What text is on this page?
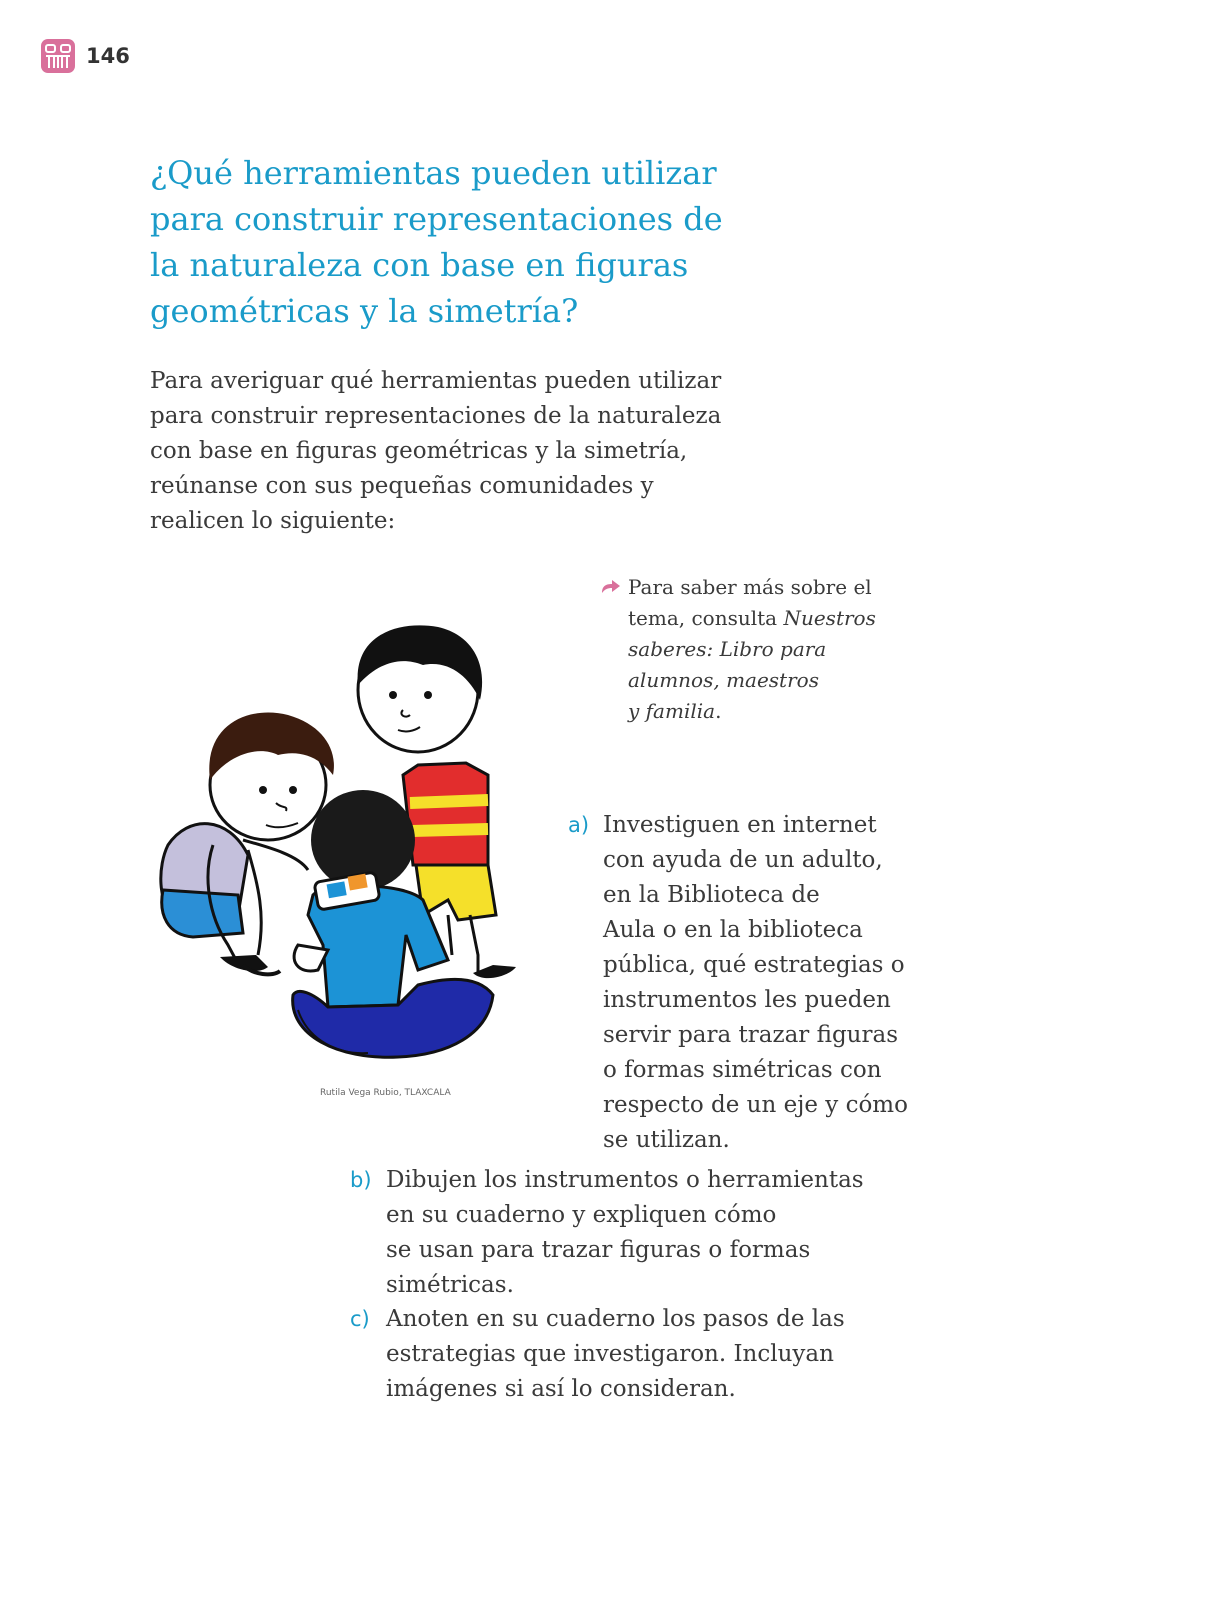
146
¿Qué herramientas pueden utilizar
para construir representaciones de
la naturaleza con base en figuras
geométricas y la simetría?

Para averiguar qué herramientas pueden utilizar
para construir representaciones de la naturaleza
con base en figuras geométricas y la simetría,
reúnanse con sus pequeñas comunidades y
realicen lo siguiente:

Para saber más sobre el
tema, consulta Nuestros
saberes: Libro para
alumnos, maestros
y familia.
Rutila Vega Rubio, TLAXCALA
a) Investiguen en internet
con ayuda de un adulto,
en la Biblioteca de
Aula o en la biblioteca
pública, qué estrategias o
instrumentos les pueden
servir para trazar figuras
o formas simétricas con
respecto de un eje y cómo
se utilizan.
b) Dibujen los instrumentos o herramientas
en su cuaderno y expliquen cómo
se usan para trazar figuras o formas
simétricas.
c) Anoten en su cuaderno los pasos de las
estrategias que investigaron. Incluyan
imágenes si así lo consideran.
